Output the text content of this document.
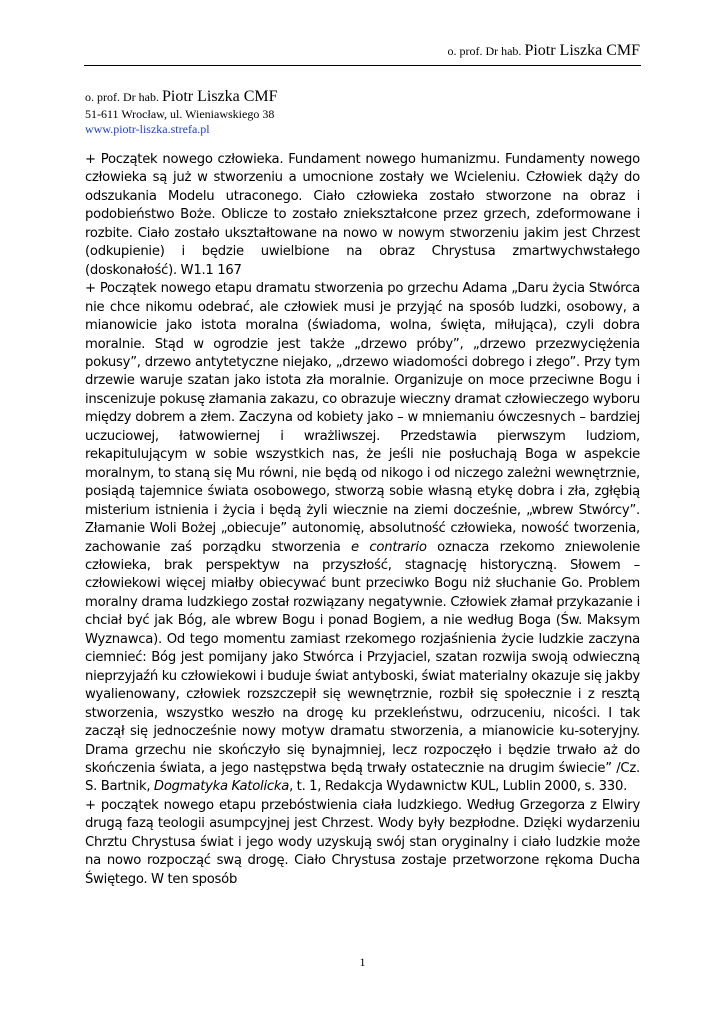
o. prof. Dr hab. Piotr Liszka CMF
o. prof. Dr hab. Piotr Liszka CMF
51-611 Wrocław, ul. Wieniawskiego 38
www.piotr-liszka.strefa.pl

+ Początek nowego człowieka. Fundament nowego humanizmu. Fundamenty nowego człowieka są już w stworzeniu a umocnione zostały we Wcieleniu. Człowiek dąży do odszukania Modelu utraconego. Ciało człowieka zostało stworzone na obraz i podobieństwo Boże. Oblicze to zostało zniekształcone przez grzech, zdeformowane i rozbite. Ciało zostało ukształtowane na nowo w nowym stworzeniu jakim jest Chrzest (odkupienie) i będzie uwielbione na obraz Chrystusa zmartwychwstałego (doskonałość). W1.1 167

+ Początek nowego etapu dramatu stworzenia po grzechu Adama „Daru życia Stwórca nie chce nikomu odebrać, ale człowiek musi je przyjąć na sposób ludzki, osobowy, a mianowicie jako istota moralna (świadoma, wolna, święta, miłująca), czyli dobra moralnie. Stąd w ogrodzie jest także „drzewo próby”, „drzewo przezwyciężenia pokusy”, drzewo antytetyczne niejako, „drzewo wiadomości dobrego i złego”. Przy tym drzewie waruje szatan jako istota zła moralnie. Organizuje on moce przeciwne Bogu i inscenizuje pokusę złamania zakazu, co obrazuje wieczny dramat człowieczego wyboru między dobrem a złem. Zaczyna od kobiety jako – w mniemaniu ówczesnych – bardziej uczuciowej, łatwowiernej i wrażliwszej. Przedstawia pierwszym ludziom, rekapitulującym w sobie wszystkich nas, że jeśli nie posłuchają Boga w aspekcie moralnym, to staną się Mu równi, nie będą od nikogo i od niczego zależni wewnętrznie, posiądą tajemnice świata osobowego, stworzą sobie własną etykę dobra i zła, zgłębią misterium istnienia i życia i będą żyli wiecznie na ziemi docześnie, „wbrew Stwórcy”. Złamanie Woli Bożej „obiecuje” autonomię, absolutność człowieka, nowość tworzenia, zachowanie zaś porządku stworzenia e contrario oznacza rzekomo zniewolenie człowieka, brak perspektyw na przyszłość, stagnację historyczną. Słowem – człowiekowi więcej miałby obiecywać bunt przeciwko Bogu niż słuchanie Go. Problem moralny drama ludzkiego został rozwiązany negatywnie. Człowiek złamał przykazanie i chciał być jak Bóg, ale wbrew Bogu i ponad Bogiem, a nie według Boga (Św. Maksym Wyznawca). Od tego momentu zamiast rzekomego rozjaśnienia życie ludzkie zaczyna ciemnieć: Bóg jest pomijany jako Stwórca i Przyjaciel, szatan rozwija swoją odwieczną nieprzyjaźń ku człowiekowi i buduje świat antyboski, świat materialny okazuje się jakby wyalienowany, człowiek rozszczepił się wewnętrznie, rozbił się społecznie i z resztą stworzenia, wszystko weszło na drogę ku przekleństwu, odrzuceniu, nicości. I tak zaczął się jednocześnie nowy motyw dramatu stworzenia, a mianowicie ku-soteryjny. Drama grzechu nie skończyło się bynajmniej, lecz rozpoczęło i będzie trwało aż do skończenia świata, a jego następstwa będą trwały ostatecznie na drugim świecie” /Cz. S. Bartnik, Dogmatyka Katolicka, t. 1, Redakcja Wydawnictw KUL, Lublin 2000, s. 330.

+ początek nowego etapu przebóstwienia ciała ludzkiego. Według Grzegorza z Elwiry drugą fazą teologii asumpcyjnej jest Chrzest. Wody były bezpłodne. Dzięki wydarzeniu Chrztu Chrystusa świat i jego wody uzyskują swój stan oryginalny i ciało ludzkie może na nowo rozpocząć swą drogę. Ciało Chrystusa zostaje przetworzone rękoma Ducha Świętego. W ten sposób

1
